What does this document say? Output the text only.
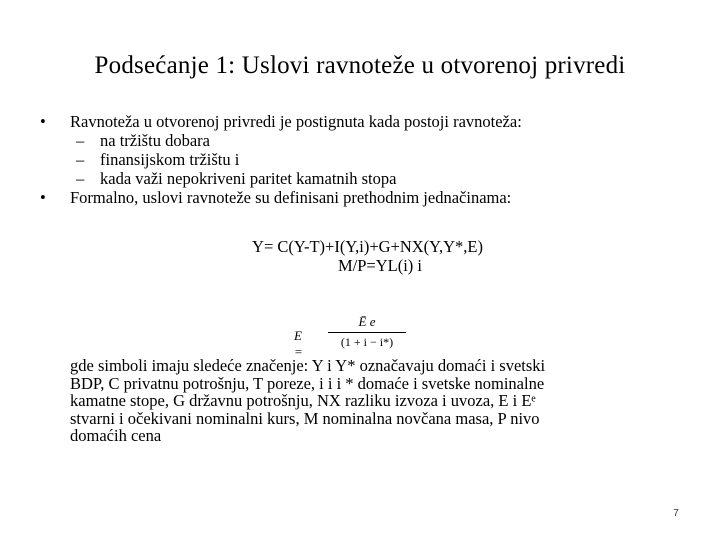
Podsećanje 1: Uslovi ravnoteže u otvorenoj privredi
•	Ravnoteža u otvorenoj privredi je postignuta kada postoji ravnoteža:
– na tržištu dobara
– finansijskom tržištu i
– kada važi nepokriveni paritet kamatnih stopa
•	Formalno, uslovi ravnoteže su definisani prethodnim jednačinama:
Y= C(Y-T)+I(Y,i)+G+NX(Y,Y*,E)
M/P=YL(i) i
E =
Ē e
(1 + i − i*)
gde simboli imaju sledeće značenje: Y i Y* označavaju domaći i svetski
BDP, C privatnu potrošnju, T poreze, i i i * domaće i svetske nominalne
kamatne stope, G državnu potrošnju, NX razliku izvoza i uvoza, E i Eᵉ
stvarni i očekivani nominalni kurs, M nominalna novčana masa, P nivo
domaćih cena
7
